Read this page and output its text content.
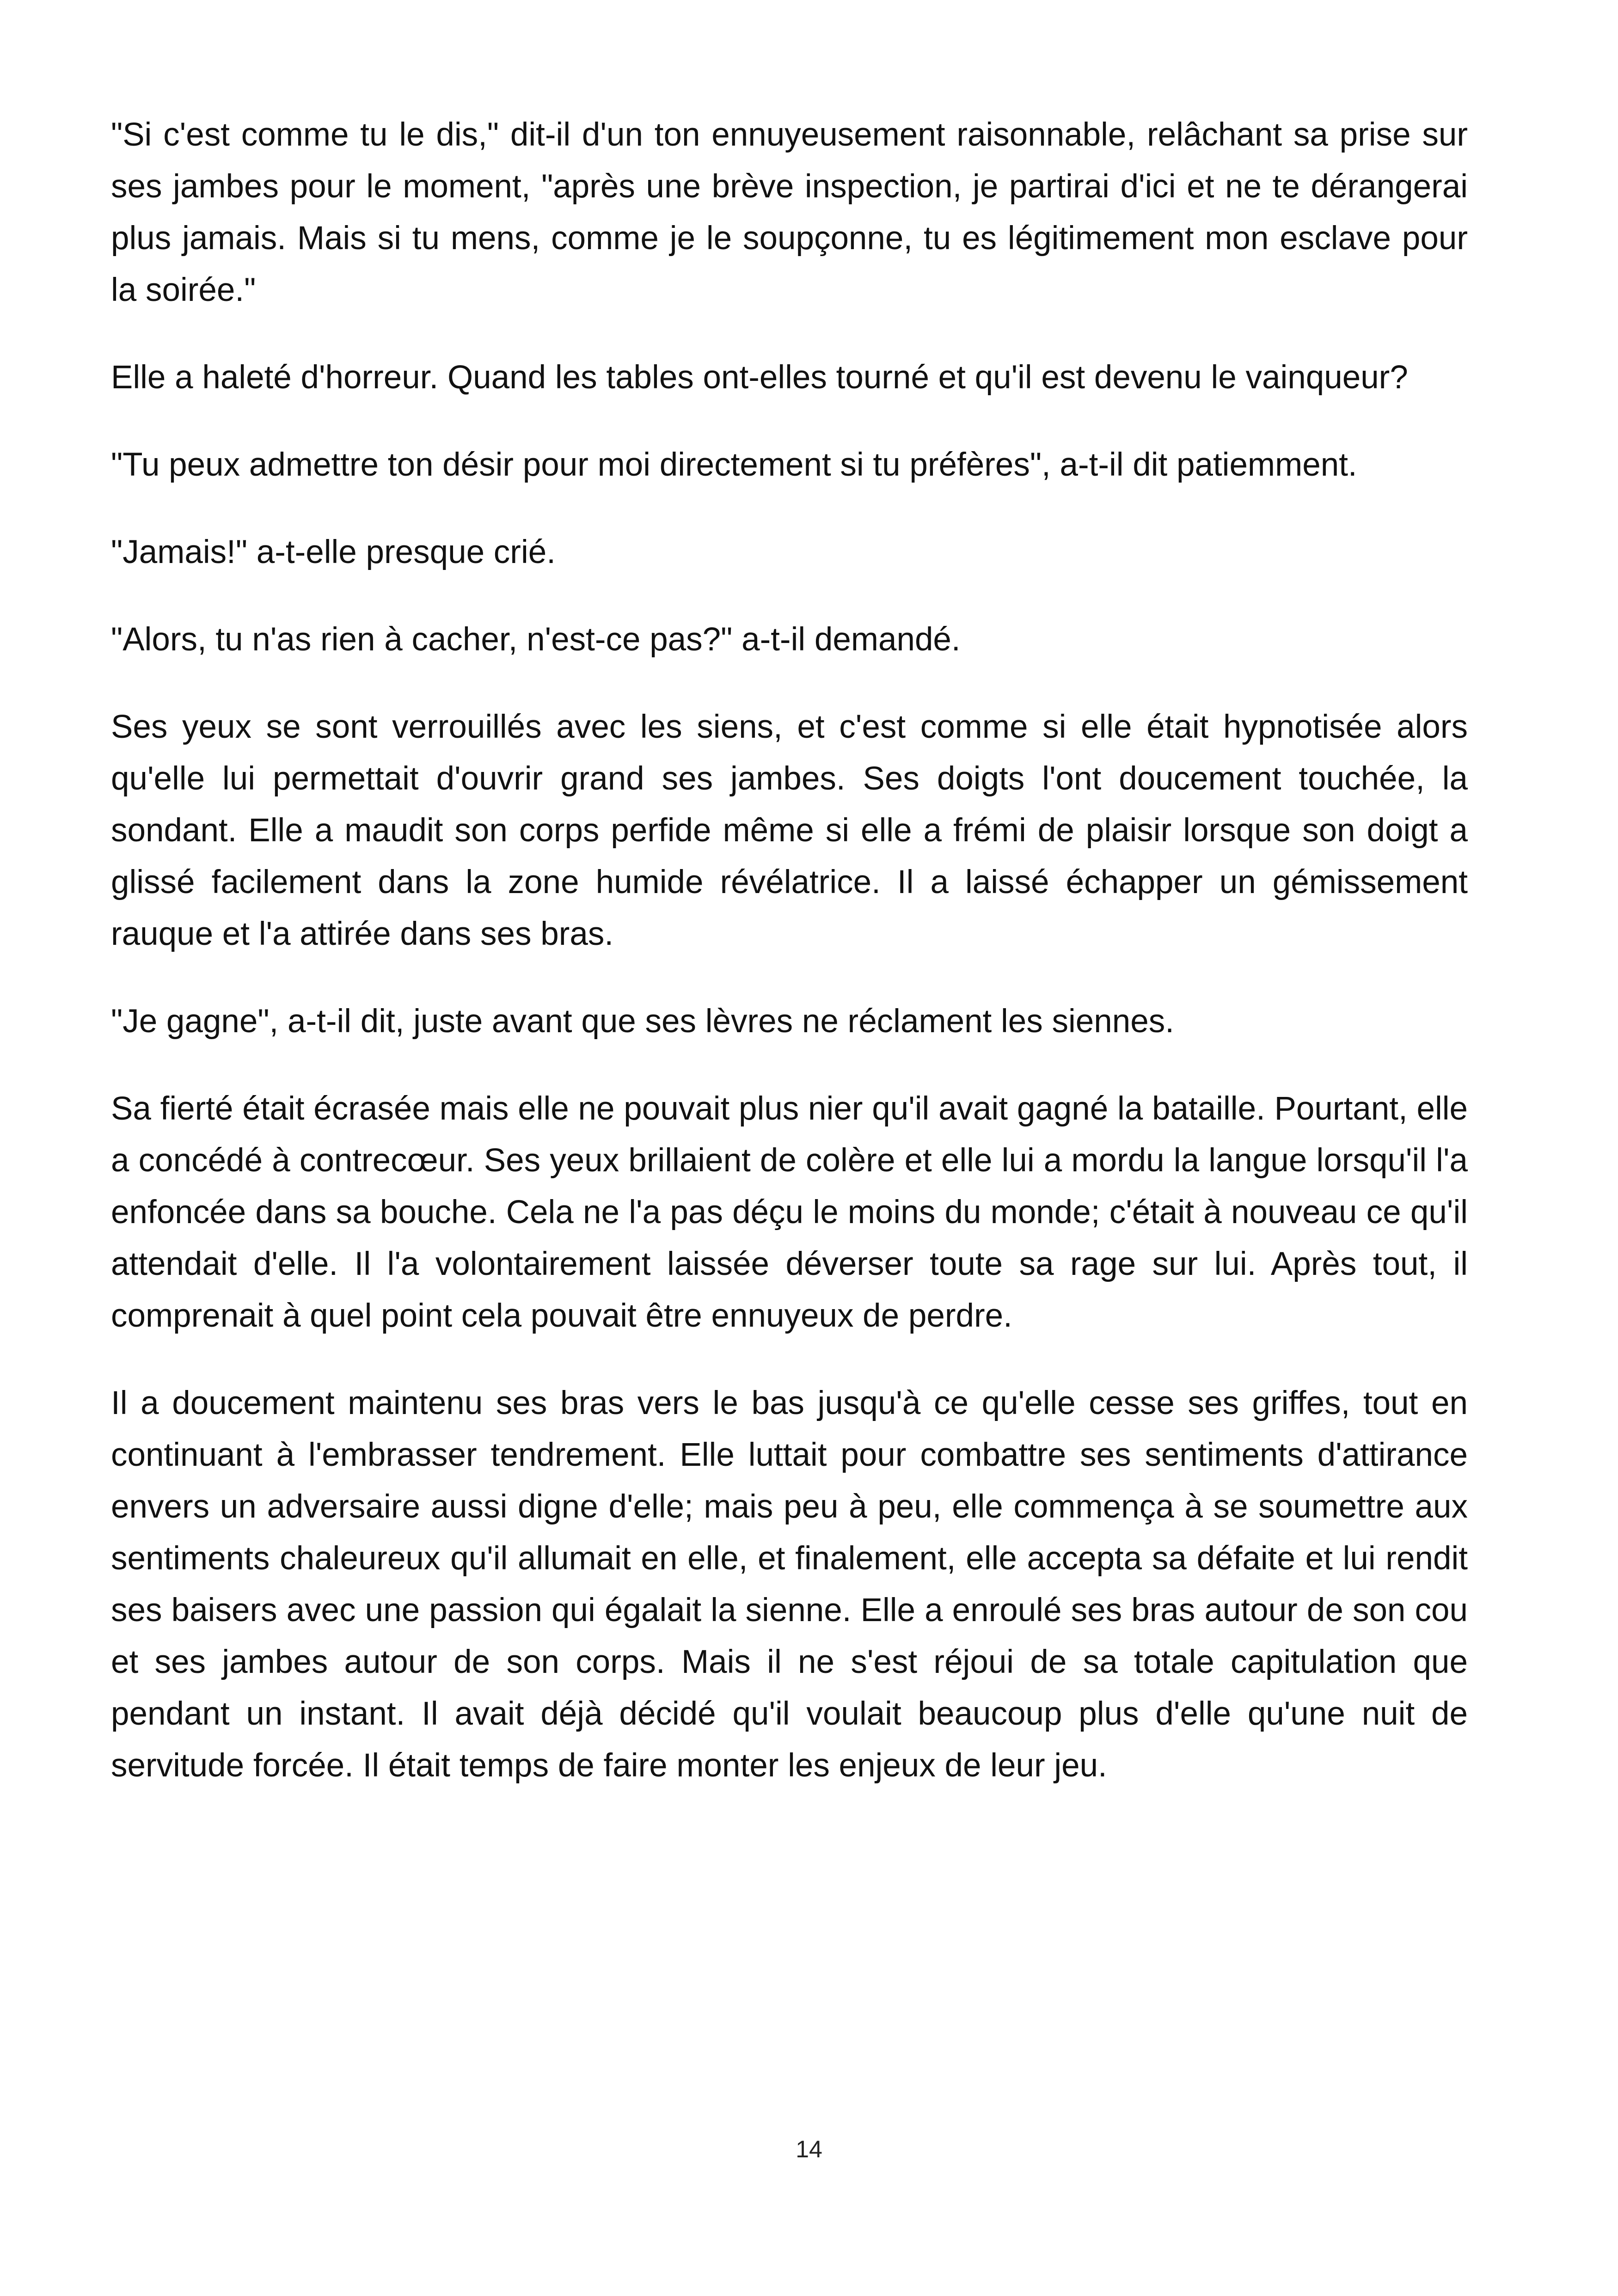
"Si c'est comme tu le dis," dit-il d'un ton ennuyeusement raisonnable, relâchant sa prise sur ses jambes pour le moment, "après une brève inspection, je partirai d'ici et ne te dérangerai plus jamais. Mais si tu mens, comme je le soupçonne, tu es légitimement mon esclave pour la soirée."

Elle a haleté d'horreur. Quand les tables ont-elles tourné et qu'il est devenu le vainqueur?

"Tu peux admettre ton désir pour moi directement si tu préfères", a-t-il dit patiemment.

"Jamais!" a-t-elle presque crié.

"Alors, tu n'as rien à cacher, n'est-ce pas?" a-t-il demandé.

Ses yeux se sont verrouillés avec les siens, et c'est comme si elle était hypnotisée alors qu'elle lui permettait d'ouvrir grand ses jambes. Ses doigts l'ont doucement touchée, la sondant. Elle a maudit son corps perfide même si elle a frémi de plaisir lorsque son doigt a glissé facilement dans la zone humide révélatrice. Il a laissé échapper un gémissement rauque et l'a attirée dans ses bras.

"Je gagne", a-t-il dit, juste avant que ses lèvres ne réclament les siennes.

Sa fierté était écrasée mais elle ne pouvait plus nier qu'il avait gagné la bataille. Pourtant, elle a concédé à contrecœur. Ses yeux brillaient de colère et elle lui a mordu la langue lorsqu'il l'a enfoncée dans sa bouche. Cela ne l'a pas déçu le moins du monde; c'était à nouveau ce qu'il attendait d'elle. Il l'a volontairement laissée déverser toute sa rage sur lui. Après tout, il comprenait à quel point cela pouvait être ennuyeux de perdre.

Il a doucement maintenu ses bras vers le bas jusqu'à ce qu'elle cesse ses griffes, tout en continuant à l'embrasser tendrement. Elle luttait pour combattre ses sentiments d'attirance envers un adversaire aussi digne d'elle; mais peu à peu, elle commença à se soumettre aux sentiments chaleureux qu'il allumait en elle, et finalement, elle accepta sa défaite et lui rendit ses baisers avec une passion qui égalait la sienne. Elle a enroulé ses bras autour de son cou et ses jambes autour de son corps. Mais il ne s'est réjoui de sa totale capitulation que pendant un instant. Il avait déjà décidé qu'il voulait beaucoup plus d'elle qu'une nuit de servitude forcée. Il était temps de faire monter les enjeux de leur jeu.

14
